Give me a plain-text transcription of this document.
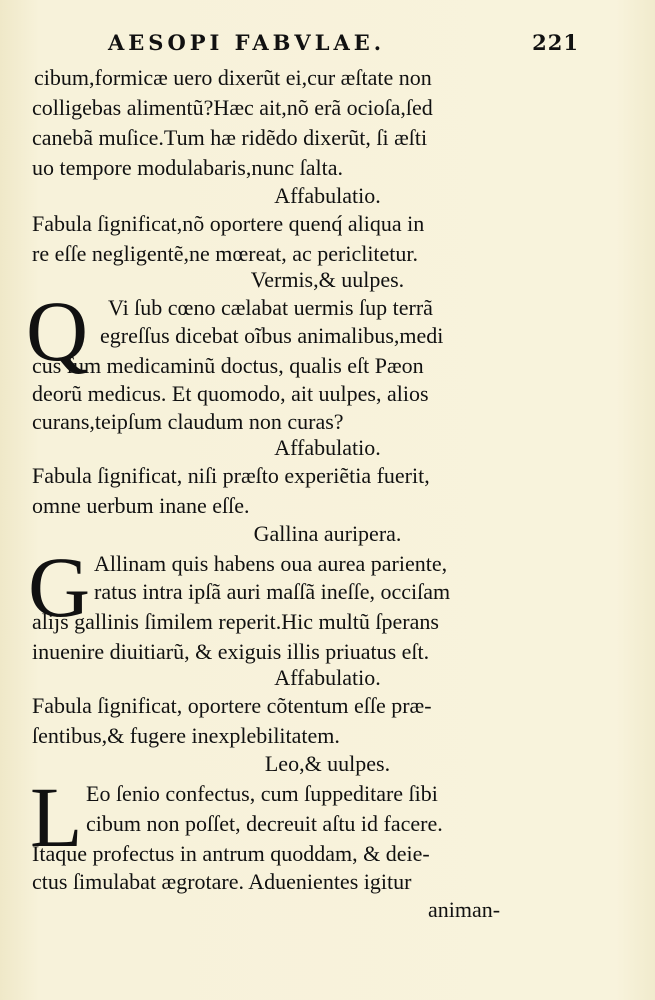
AESOPI FABVLAE.	221
cibum,formicæ uero dixerũt ei,cur æſtate non
colligebas alimentũ?Hæc ait,nõ erã ocioſa,ſed
canebã muſice.Tum hæ ridẽdo dixerũt, ſi æſti
uo tempore modulabaris,nunc ſalta.
Affabulatio.
Fabula ſignificat,nõ oportere quenq́ aliqua in
re eſſe negligentẽ,ne mœreat, ac periclitetur.
Vermis,& uulpes.
Q Vi ſub cœno cælabat uermis ſup terrã
egreſſus dicebat oĩbus animalibus,medi
cus ſum medicaminũ doctus, qualis eſt Pæon
deorũ medicus. Et quomodo, ait uulpes, alios
curans,teipſum claudum non curas?
Affabulatio.
Fabula ſignificat, niſi præſto experiẽtia fuerit,
omne uerbum inane eſſe.
Gallina auripera.
G Allinam quis habens oua aurea pariente,
ratus intra ipſã auri maſſã ineſſe, occiſam
aliјs gallinis ſimilem reperit.Hic multũ ſperans
inuenire diuitiarũ, & exiguis illis priuatus eſt.
Affabulatio.
Fabula ſignificat, oportere cõtentum eſſe præ-
ſentibus,& fugere inexplebilitatem.
Leo,& uulpes.
L Eo ſenio confectus, cum ſuppeditare ſibi
cibum non poſſet, decreuit aſtu id facere.
Itaque profectus in antrum quoddam, & deie-
ctus ſimulabat ægrotare. Aduenientes igitur
animan-
